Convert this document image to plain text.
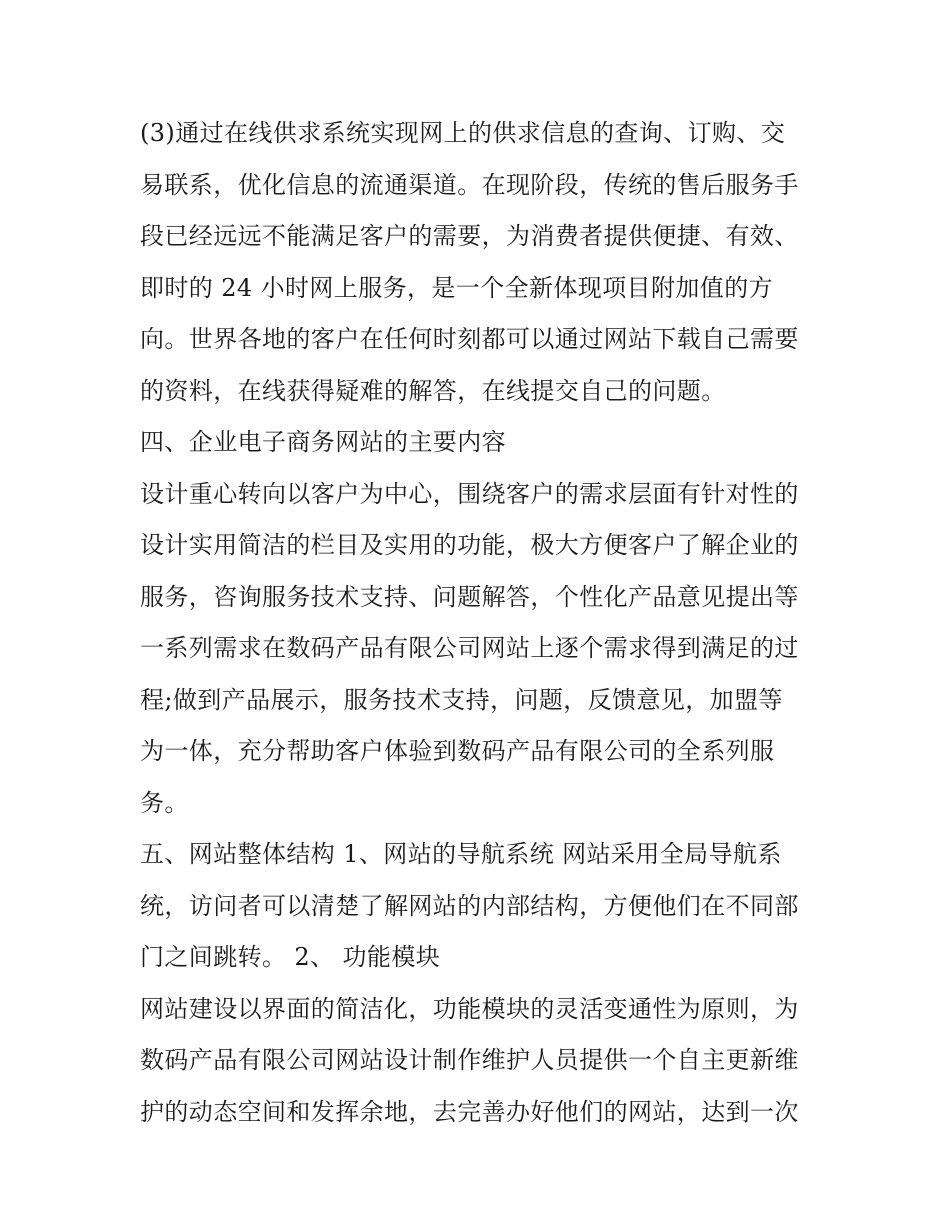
(3)通过在线供求系统实现网上的供求信息的查询、订购、交
易联系，优化信息的流通渠道。在现阶段，传统的售后服务手
段已经远远不能满足客户的需要，为消费者提供便捷、有效、
即时的 24 小时网上服务，是一个全新体现项目附加值的方
向。世界各地的客户在任何时刻都可以通过网站下载自己需要
的资料，在线获得疑难的解答，在线提交自己的问题。
四、企业电子商务网站的主要内容
设计重心转向以客户为中心，围绕客户的需求层面有针对性的
设计实用简洁的栏目及实用的功能，极大方便客户了解企业的
服务，咨询服务技术支持、问题解答，个性化产品意见提出等
一系列需求在数码产品有限公司网站上逐个需求得到满足的过
程;做到产品展示，服务技术支持，问题，反馈意见，加盟等
为一体，充分帮助客户体验到数码产品有限公司的全系列服
务。
五、网站整体结构 1、网站的导航系统 网站采用全局导航系
统，访问者可以清楚了解网站的内部结构，方便他们在不同部
门之间跳转。 2、 功能模块
网站建设以界面的简洁化，功能模块的灵活变通性为原则，为
数码产品有限公司网站设计制作维护人员提供一个自主更新维
护的动态空间和发挥余地，去完善办好他们的网站，达到一次
